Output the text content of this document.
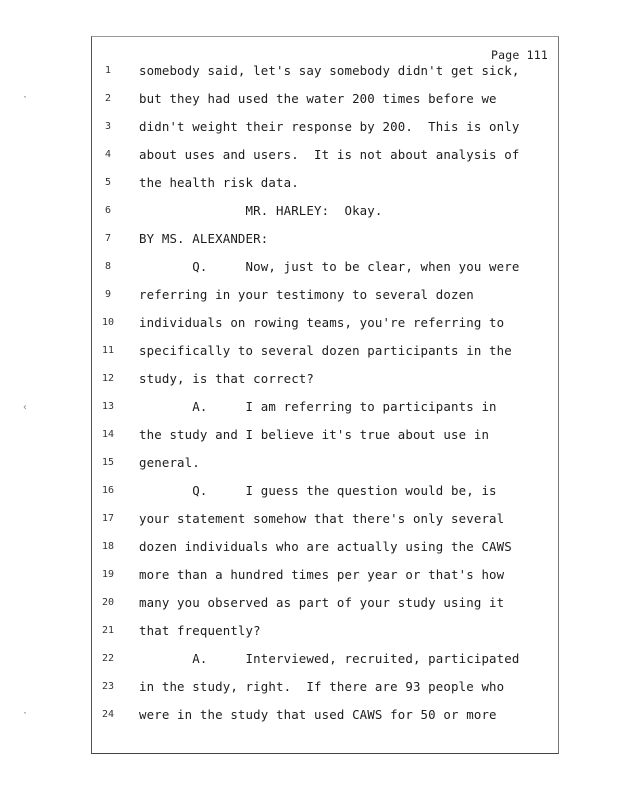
Page 111
·
‹
·
1	somebody said, let's say somebody didn't get sick,
2	but they had used the water 200 times before we
3	didn't weight their response by 200.  This is only
4	about uses and users.  It is not about analysis of
5	the health risk data.
6	MR. HARLEY:  Okay.
7	BY MS. ALEXANDER:
8	Q.     Now, just to be clear, when you were
9	referring in your testimony to several dozen
10	individuals on rowing teams, you're referring to
11	specifically to several dozen participants in the
12	study, is that correct?
13	A.     I am referring to participants in
14	the study and I believe it's true about use in
15	general.
16	Q.     I guess the question would be, is
17	your statement somehow that there's only several
18	dozen individuals who are actually using the CAWS
19	more than a hundred times per year or that's how
20	many you observed as part of your study using it
21	that frequently?
22	A.     Interviewed, recruited, participated
23	in the study, right.  If there are 93 people who
24	were in the study that used CAWS for 50 or more
